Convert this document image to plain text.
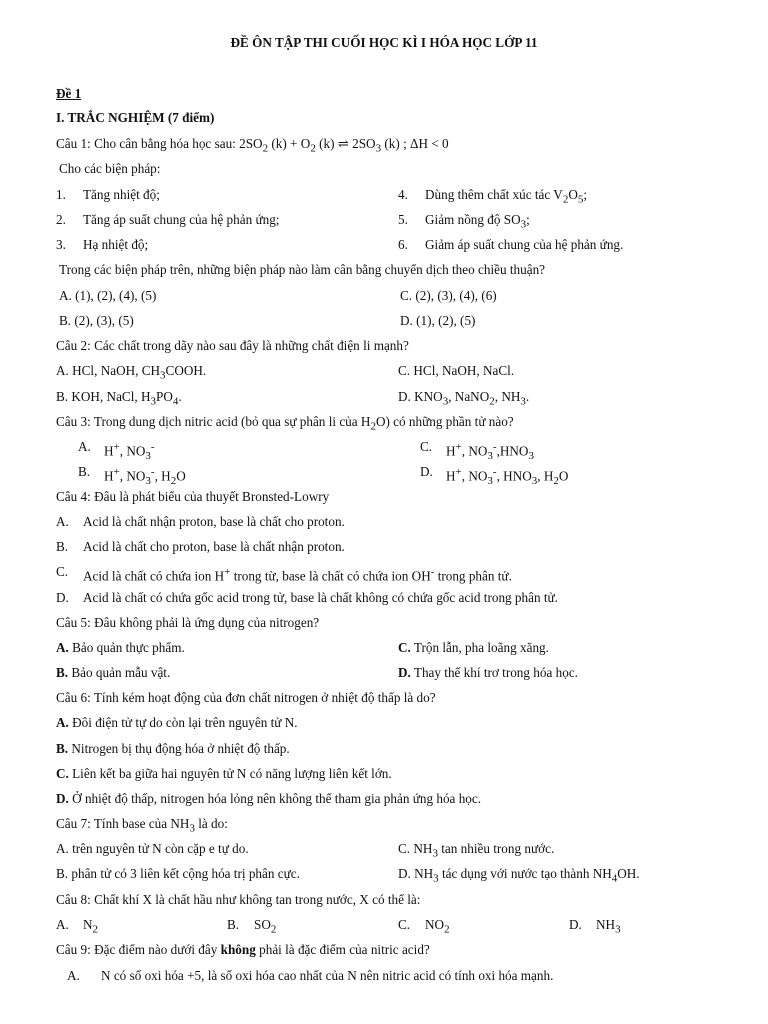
ĐỀ ÔN TẬP THI CUỐI HỌC KÌ I HÓA HỌC LỚP 11
Đề 1
I. TRẮC NGHIỆM (7 điểm)
Câu 1: Cho cân bằng hóa học sau: $2SO_2$ $(k) + O_2$ (k) ⇌ $2SO_3$ (k) ; ΔH < 0
Cho các biện pháp:
1. Tăng nhiệt độ;	4. Dùng thêm chất xúc tác $V_2O_5$;
2. Tăng áp suất chung của hệ phản ứng;	5. Giảm nồng độ $SO_3$;
3. Hạ nhiệt độ;	6. Giảm áp suất chung của hệ phản ứng.
Trong các biện pháp trên, những biện pháp nào làm cân bằng chuyển dịch theo chiều thuận?
A. (1), (2), (4), (5)	C. (2), (3), (4), (6)
B. (2), (3), (5)	D. (1), (2), (5)
Câu 2: Các chất trong dãy nào sau đây là những chất điện li mạnh?
A. HCl, NaOH, $CH_3COOH$.	C. HCl, NaOH, NaCl.
B. KOH, NaCl, $H_3PO_4$.	D. $KNO_3$, NaNO$_2$, $NH_3$.
Câu 3: Trong dung dịch nitric acid (bỏ qua sự phân li của $H_2O$) có những phần tử nào?
A. H+, $NO_3^-$	C. H+, $NO_3^-,HNO_3$
B. H+, $NO_3^-$, $H_2O$	D. H+, $NO_3^-$, $HNO_3$, $H_2O$
Câu 4: Đâu là phát biểu của thuyết Bronsted-Lowry
A. Acid là chất nhận proton, base là chất cho proton.
B. Acid là chất cho proton, base là chất nhận proton.
C. Acid là chất có chứa ion H+ trong từ, base là chất có chứa ion OH- trong phân tử.
D. Acid là chất có chứa gốc acid trong tử, base là chất không có chứa gốc acid trong phân tử.
Câu 5: Đâu không phải là ứng dụng của nitrogen?
A. Bảo quản thực phẩm.	C. Trộn lẫn, pha loãng xăng.
B. Bảo quản mẫu vật.	D. Thay thế khí trơ trong hóa học.
Câu 6: Tính kém hoạt động của đơn chất nitrogen ở nhiệt độ thấp là do?
A. Đôi điện tử tự do còn lại trên nguyên tử N.
B. Nitrogen bị thụ động hóa ở nhiệt độ thấp.
C. Liên kết ba giữa hai nguyên tử N có năng lượng liên kết lớn.
D. Ở nhiệt độ thấp, nitrogen hóa lỏng nên không thể tham gia phản ứng hóa học.
Câu 7: Tính base của $NH_3$ là do:
A. trên nguyên tử N còn cặp e tự do.	C. $NH_3$ tan nhiều trong nước.
B. phân tử có 3 liên kết cộng hóa trị phân cực.	D. $NH_3$ tác dụng với nước tạo thành $NH_4OH$.
Câu 8: Chất khí X là chất hầu như không tan trong nước, X có thể là:
A. $N_2$	B. $SO_2$	C. $NO_2$	D. $NH_3$
Câu 9: Đặc điểm nào dưới đây không phải là đặc điểm của nitric acid?
A. N có số oxi hóa +5, là số oxi hóa cao nhất của N nên nitric acid có tính oxi hóa mạnh.
